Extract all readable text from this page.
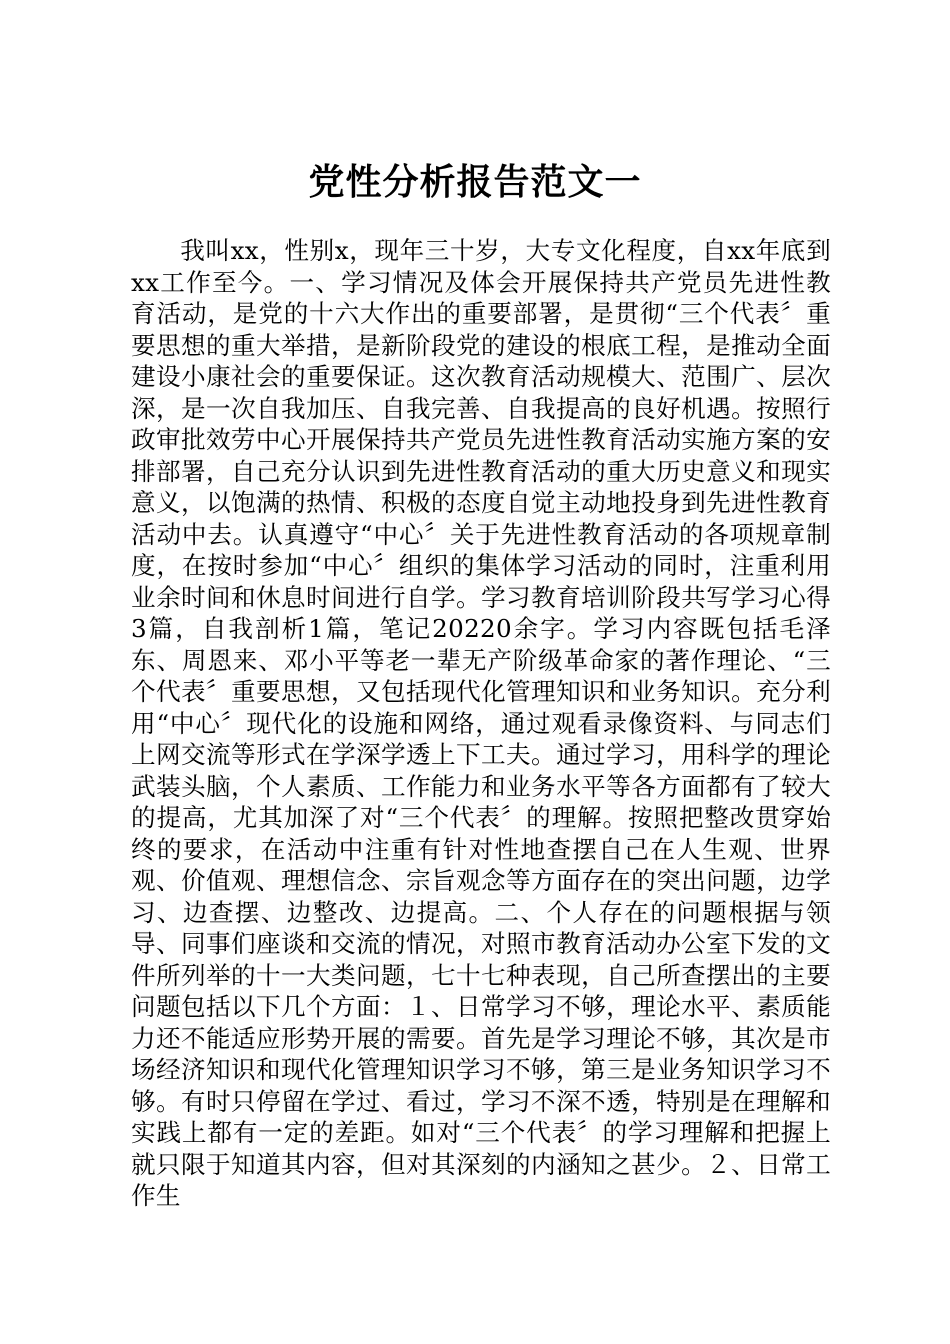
党性分析报告范文一

我叫xx，性别x，现年三十岁，大专文化程度，自xx年底到xx工作至今。一、学习情况及体会开展保持共产党员先进性教育活动，是党的十六大作出的重要部署，是贯彻“三个代表〞重要思想的重大举措，是新阶段党的建设的根底工程，是推动全面建设小康社会的重要保证。这次教育活动规模大、范围广、层次深，是一次自我加压、自我完善、自我提高的良好机遇。按照行政审批效劳中心开展保持共产党员先进性教育活动实施方案的安排部署，自己充分认识到先进性教育活动的重大历史意义和现实意义，以饱满的热情、积极的态度自觉主动地投身到先进性教育活动中去。认真遵守“中心〞关于先进性教育活动的各项规章制度，在按时参加“中心〞组织的集体学习活动的同时，注重利用业余时间和休息时间进行自学。学习教育培训阶段共写学习心得3篇，自我剖析1篇，笔记20220余字。学习内容既包括毛泽东、周恩来、邓小平等老一辈无产阶级革命家的著作理论、“三个代表〞重要思想，又包括现代化管理知识和业务知识。充分利用“中心〞现代化的设施和网络，通过观看录像资料、与同志们上网交流等形式在学深学透上下工夫。通过学习，用科学的理论武装头脑，个人素质、工作能力和业务水平等各方面都有了较大的提高，尤其加深了对“三个代表〞的理解。按照把整改贯穿始终的要求，在活动中注重有针对性地查摆自己在人生观、世界观、价值观、理想信念、宗旨观念等方面存在的突出问题，边学习、边查摆、边整改、边提高。二、个人存在的问题根据与领导、同事们座谈和交流的情况，对照市教育活动办公室下发的文件所列举的十一大类问题，七十七种表现，自己所查摆出的主要问题包括以下几个方面：１、日常学习不够，理论水平、素质能力还不能适应形势开展的需要。首先是学习理论不够，其次是市场经济知识和现代化管理知识学习不够，第三是业务知识学习不够。有时只停留在学过、看过，学习不深不透，特别是在理解和实践上都有一定的差距。如对“三个代表〞的学习理解和把握上就只限于知道其内容，但对其深刻的内涵知之甚少。２、日常工作生
